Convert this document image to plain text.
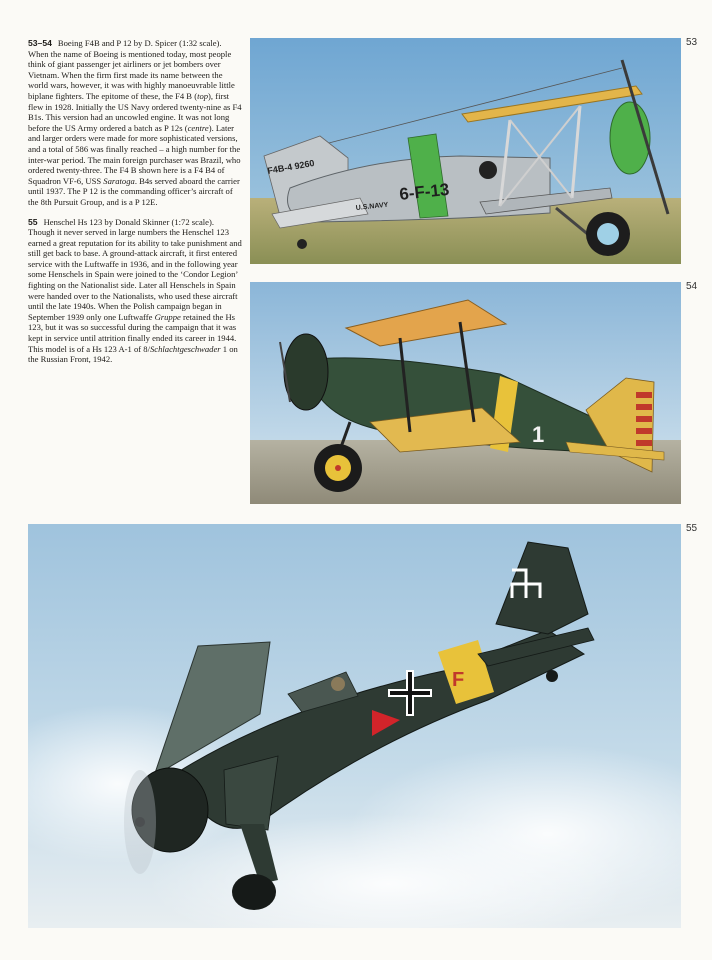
53–54 Boeing F4B and P 12 by D. Spicer (1:32 scale). When the name of Boeing is mentioned today, most people think of giant passenger jet airliners or jet bombers over Vietnam. When the firm first made its name between the world wars, however, it was with highly manoeuvrable little biplane fighters. The epitome of these, the F4 B (top), first flew in 1928. Initially the US Navy ordered twenty-nine as F4 B1s. This version had an uncowled engine. It was not long before the US Army ordered a batch as P 12s (centre). Later and larger orders were made for more sophisticated versions, and a total of 586 was finally reached – a high number for the inter-war period. The main foreign purchaser was Brazil, who ordered twenty-three. The F4 B shown here is a F4 B4 of Squadron VF-6, USS Saratoga. B4s served aboard the carrier until 1937. The P 12 is the commanding officer’s aircraft of the 8th Pursuit Group, and is a P 12E.

55 Henschel Hs 123 by Donald Skinner (1:72 scale). Though it never served in large numbers the Henschel 123 earned a great reputation for its ability to take punishment and still get back to base. A ground-attack aircraft, it first entered service with the Luftwaffe in 1936, and in the following year some Henschels in Spain were joined to the ‘Condor Legion’ fighting on the Nationalist side. Later all Henschels in Spain were handed over to the Nationalists, who used these aircraft until the late 1940s. When the Polish campaign began in September 1939 only one Luftwaffe Gruppe retained the Hs 123, but it was so successful during the campaign that it was kept in service until attrition finally ended its career in 1944. This model is of a Hs 123 A-1 of 8/Schlachtgeschwader 1 on the Russian Front, 1942.

53
54
55
F4B-4 9260
6-F-13
U.S.NAVY
1
F
